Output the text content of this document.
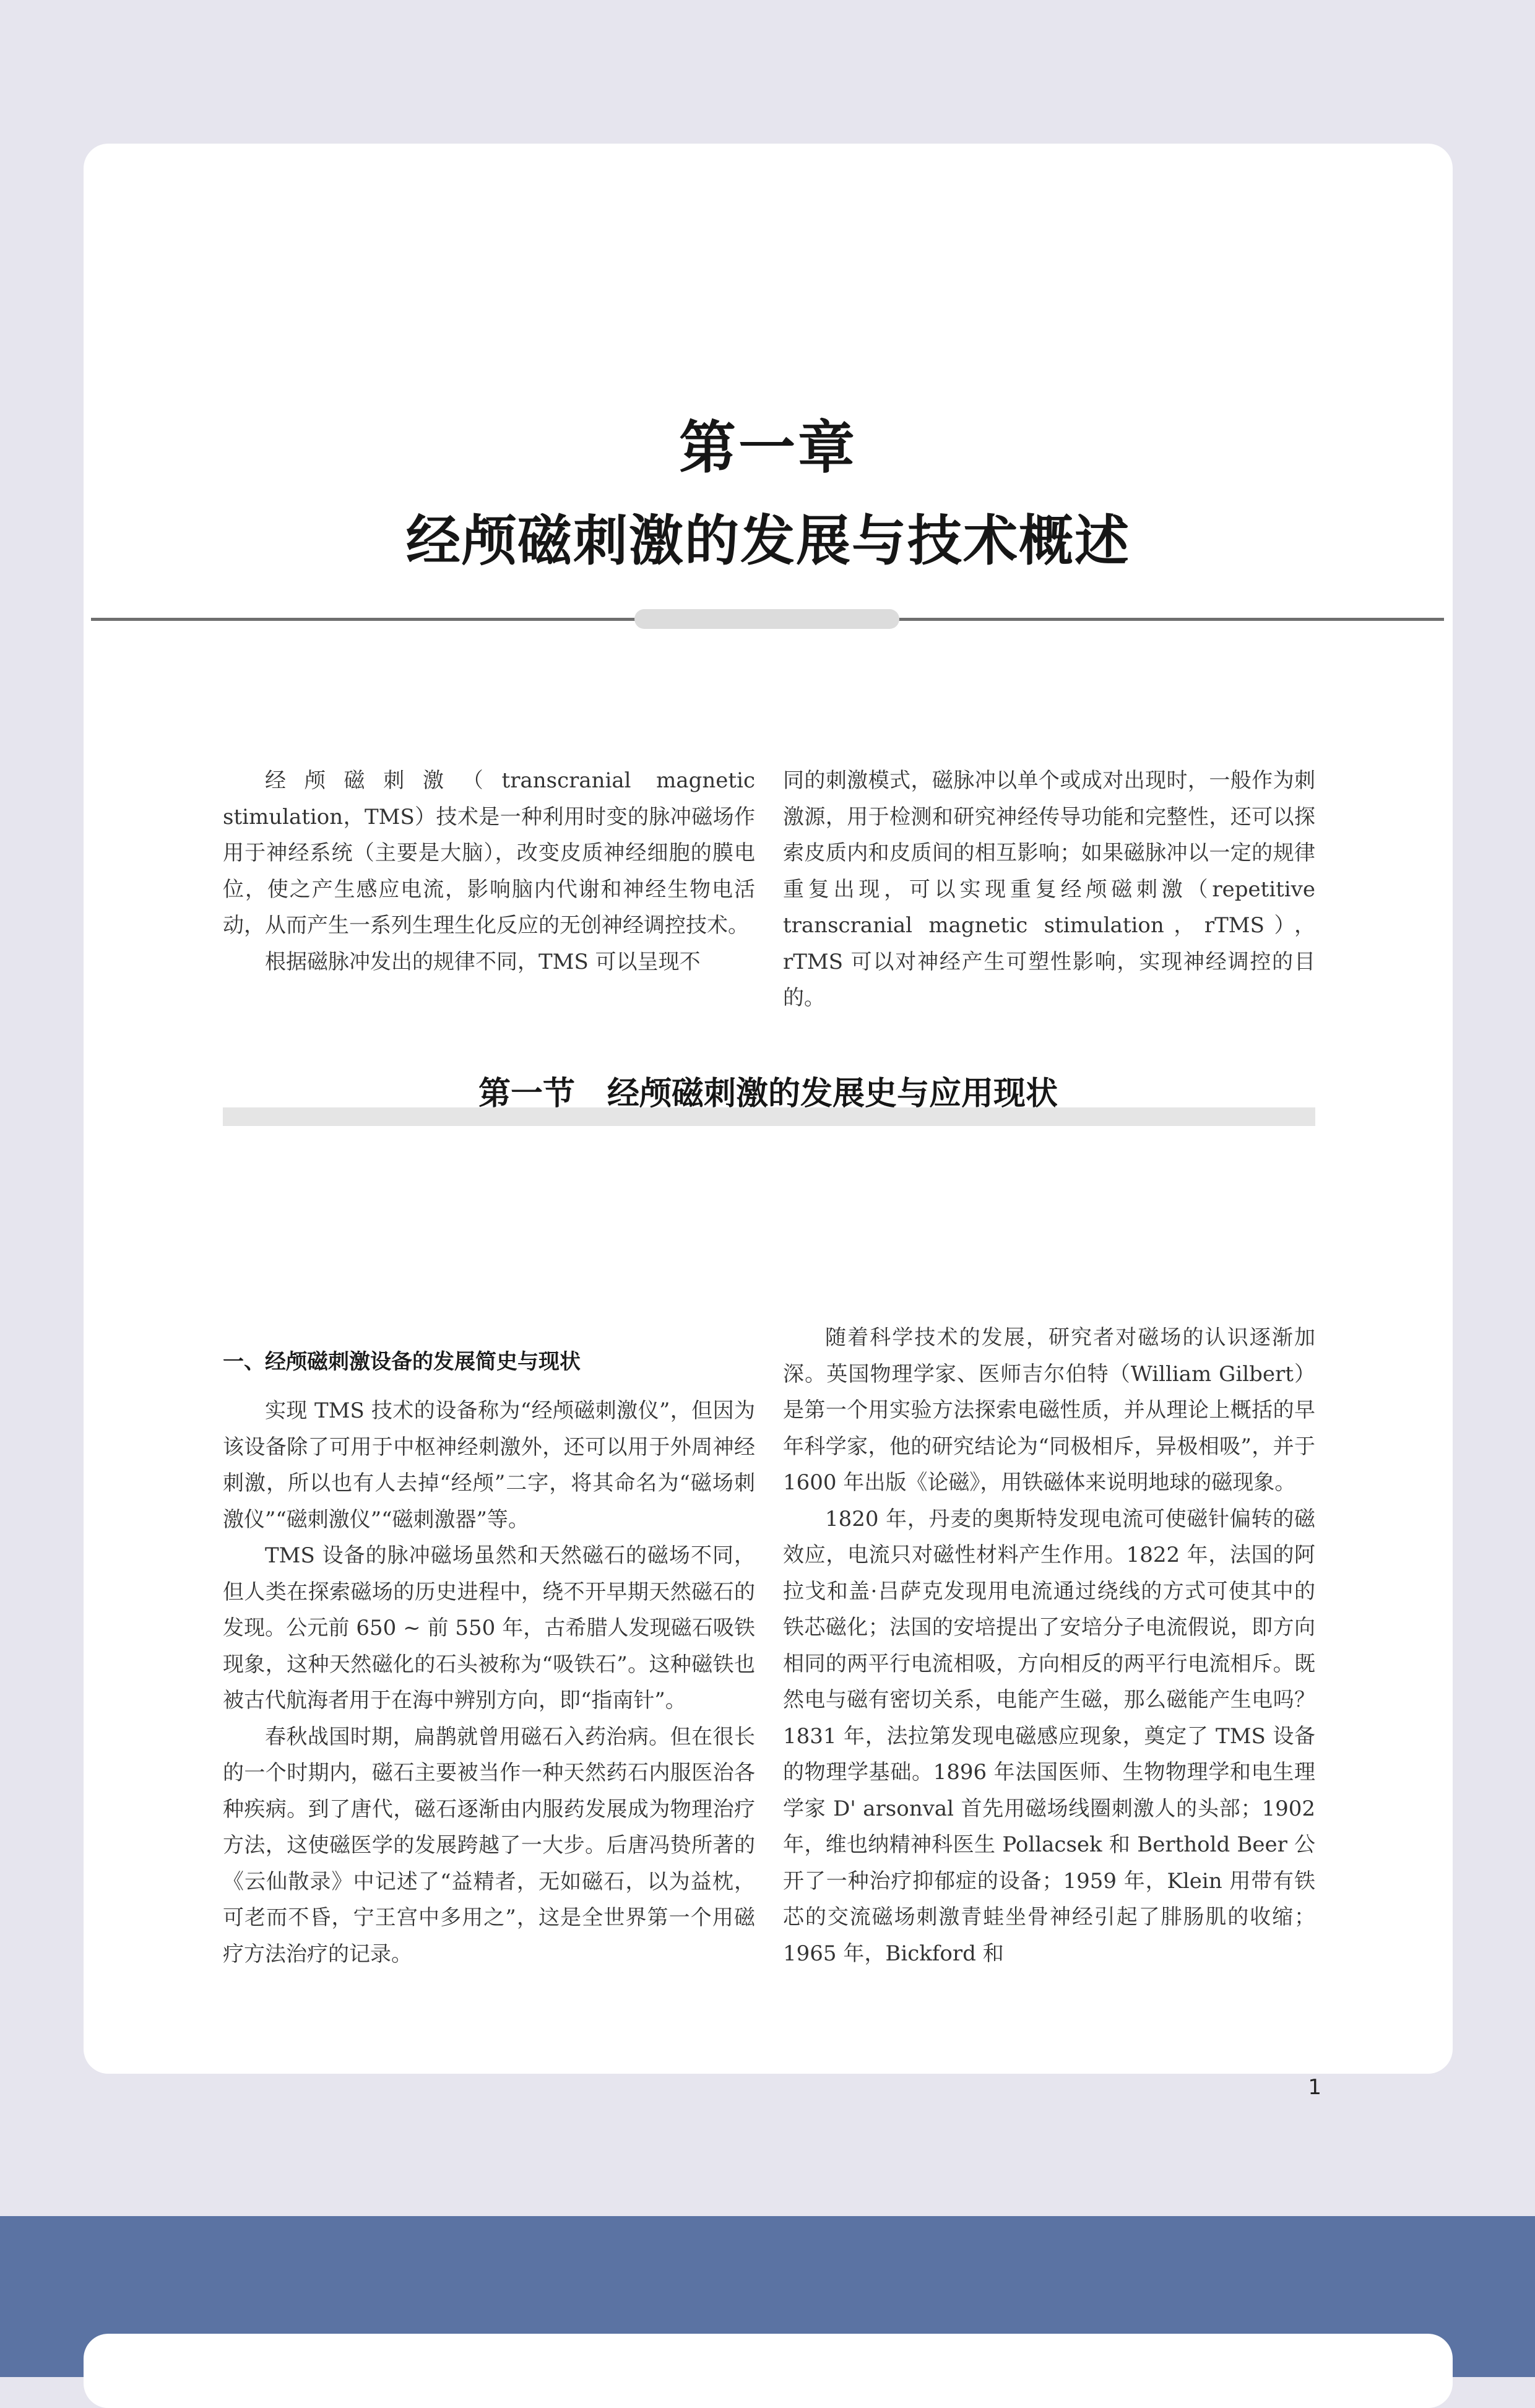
第一章
经颅磁刺激的发展与技术概述

经颅磁刺激（transcranial magnetic stimulation，TMS）技术是一种利用时变的脉冲磁场作用于神经系统（主要是大脑），改变皮质神经细胞的膜电位，使之产生感应电流，影响脑内代谢和神经生物电活动，从而产生一系列生理生化反应的无创神经调控技术。

根据磁脉冲发出的规律不同，TMS 可以呈现不

同的刺激模式，磁脉冲以单个或成对出现时，一般作为刺激源，用于检测和研究神经传导功能和完整性，还可以探索皮质内和皮质间的相互影响；如果磁脉冲以一定的规律重复出现，可以实现重复经颅磁刺激（repetitive transcranial magnetic stimulation，rTMS），rTMS 可以对神经产生可塑性影响，实现神经调控的目的。

第一节　经颅磁刺激的发展史与应用现状
一、经颅磁刺激设备的发展简史与现状

实现 TMS 技术的设备称为“经颅磁刺激仪”，但因为该设备除了可用于中枢神经刺激外，还可以用于外周神经刺激，所以也有人去掉“经颅”二字，将其命名为“磁场刺激仪”“磁刺激仪”“磁刺激器”等。

TMS 设备的脉冲磁场虽然和天然磁石的磁场不同，但人类在探索磁场的历史进程中，绕不开早期天然磁石的发现。公元前 650 ~ 前 550 年，古希腊人发现磁石吸铁现象，这种天然磁化的石头被称为“吸铁石”。这种磁铁也被古代航海者用于在海中辨别方向，即“指南针”。

春秋战国时期，扁鹊就曾用磁石入药治病。但在很长的一个时期内，磁石主要被当作一种天然药石内服医治各种疾病。到了唐代，磁石逐渐由内服药发展成为物理治疗方法，这使磁医学的发展跨越了一大步。后唐冯贽所著的《云仙散录》中记述了“益精者，无如磁石，以为益枕，可老而不昏，宁王宫中多用之”，这是全世界第一个用磁疗方法治疗的记录。

随着科学技术的发展，研究者对磁场的认识逐渐加深。英国物理学家、医师吉尔伯特（William Gilbert）是第一个用实验方法探索电磁性质，并从理论上概括的早年科学家，他的研究结论为“同极相斥，异极相吸”，并于 1600 年出版《论磁》，用铁磁体来说明地球的磁现象。

1820 年，丹麦的奥斯特发现电流可使磁针偏转的磁效应，电流只对磁性材料产生作用。1822 年，法国的阿拉戈和盖·吕萨克发现用电流通过绕线的方式可使其中的铁芯磁化；法国的安培提出了安培分子电流假说，即方向相同的两平行电流相吸，方向相反的两平行电流相斥。既然电与磁有密切关系，电能产生磁，那么磁能产生电吗？1831 年，法拉第发现电磁感应现象，奠定了 TMS 设备的物理学基础。1896 年法国医师、生物物理学和电生理学家 D' arsonval 首先用磁场线圈刺激人的头部；1902 年，维也纳精神科医生 Pollacsek 和 Berthold Beer 公开了一种治疗抑郁症的设备；1959 年，Klein 用带有铁芯的交流磁场刺激青蛙坐骨神经引起了腓肠肌的收缩；1965 年，Bickford 和

1
